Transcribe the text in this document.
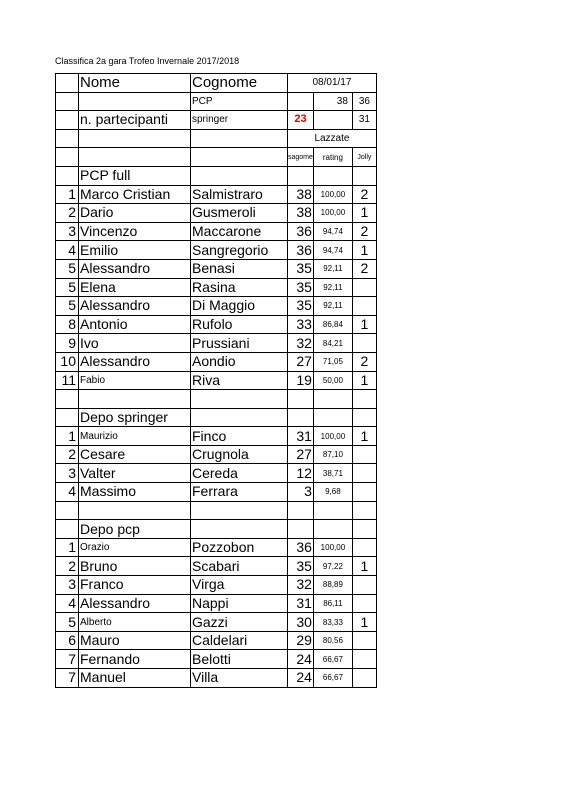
Classifica 2a gara Trofeo Invernale 2017/2018
	Nome	Cognome	08/01/17		
		PCP		38	36
	n. partecipanti	springer	23		31
			Lazzate		
			sagome	rating	Jolly
	PCP full				
1	Marco Cristian	Salmistraro	38	100,00	2
2	Dario	Gusmeroli	38	100,00	1
3	Vincenzo	Maccarone	36	94,74	2
4	Emilio	Sangregorio	36	94,74	1
5	Alessandro	Benasi	35	92,11	2
5	Elena	Rasina	35	92,11	
5	Alessandro	Di Maggio	35	92,11	
8	Antonio	Rufolo	33	86,84	1
9	Ivo	Prussiani	32	84,21	
10	Alessandro	Aondio	27	71,05	2
11	Fabio	Riva	19	50,00	1

	Depo springer				
1	Maurizio	Finco	31	100,00	1
2	Cesare	Crugnola	27	87,10	
3	Valter	Cereda	12	38,71	
4	Massimo	Ferrara	3	9,68	

	Depo pcp				
1	Orazio	Pozzobon	36	100,00	
2	Bruno	Scabari	35	97,22	1
3	Franco	Virga	32	88,89	
4	Alessandro	Nappi	31	86,11	
5	Alberto	Gazzi	30	83,33	1
6	Mauro	Caldelari	29	80,56	
7	Fernando	Belotti	24	66,67	
7	Manuel	Villa	24	66,67	
